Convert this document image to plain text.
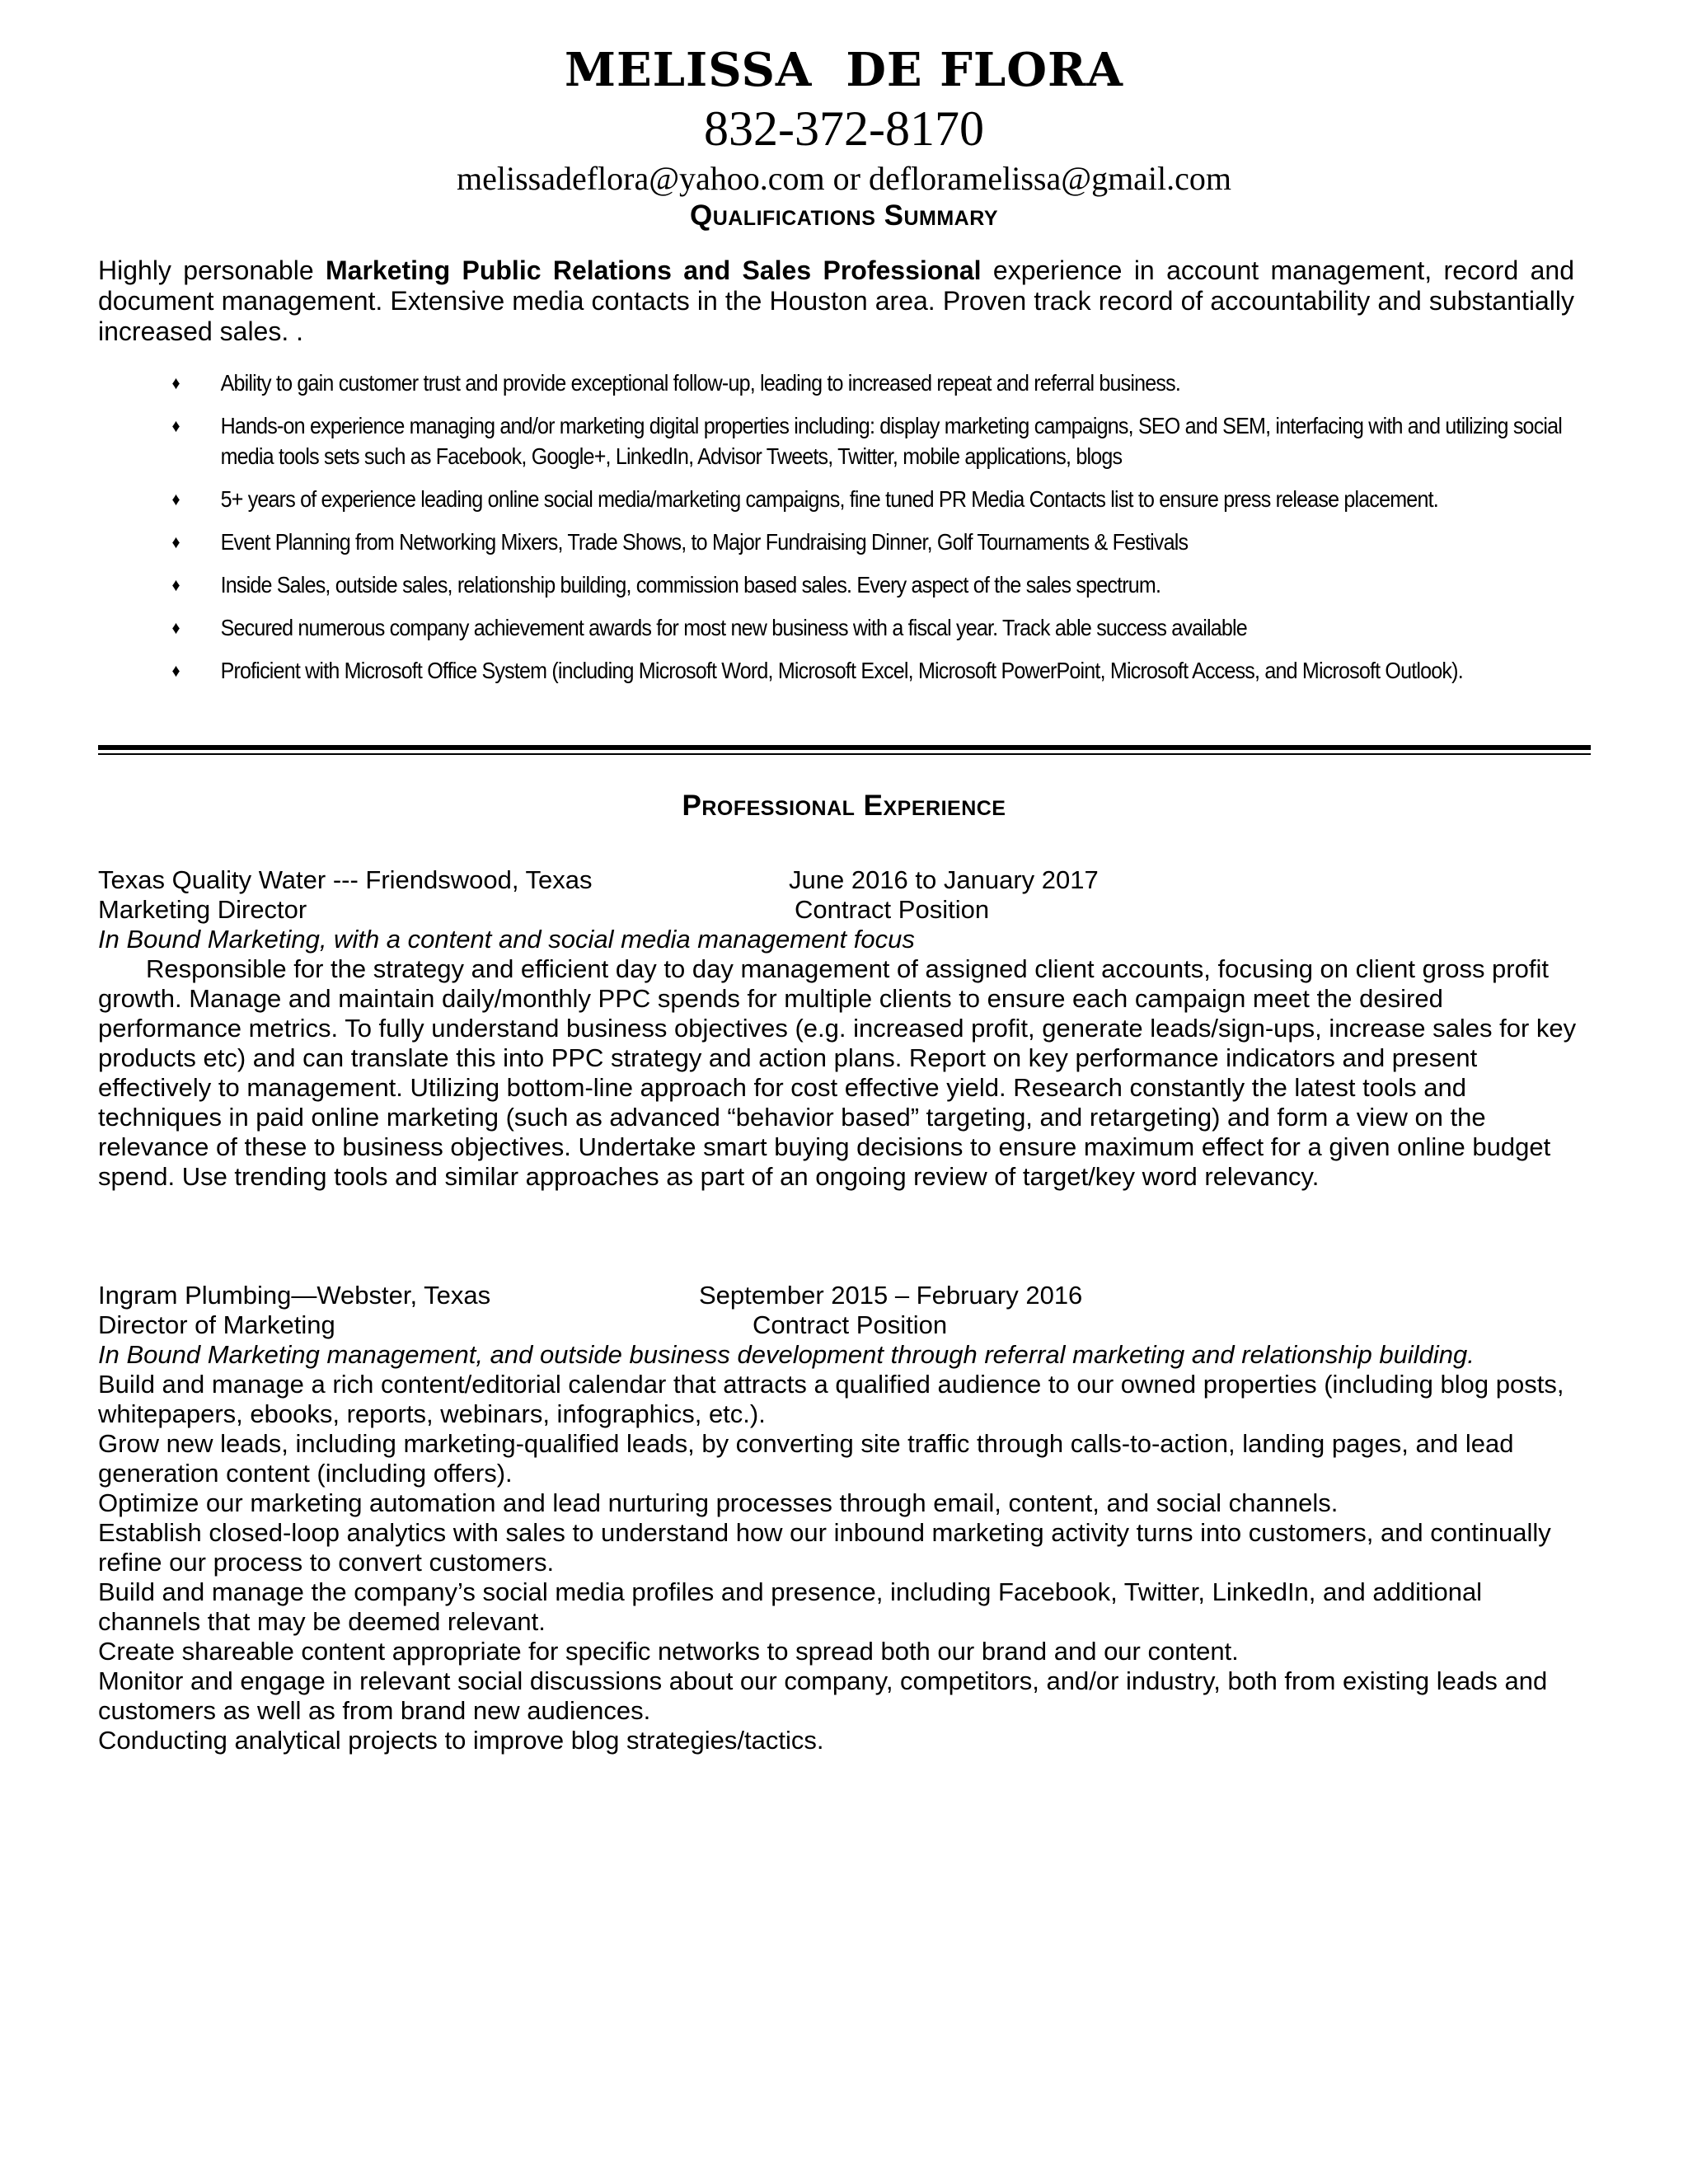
MELISSA  DE FLORA
832-372-8170
melissadeflora@yahoo.com or defloramelissa@gmail.com
Qualifications Summary

Highly personable Marketing Public Relations and Sales Professional experience in account management, record and document management. Extensive media contacts in the Houston area. Proven track record of accountability and substantially increased sales. .

♦ Ability to gain customer trust and provide exceptional follow-up, leading to increased repeat and referral business.
♦ Hands-on experience managing and/or marketing digital properties including: display marketing campaigns, SEO and SEM, interfacing with and utilizing social media tools sets such as Facebook, Google+, LinkedIn, Advisor Tweets, Twitter, mobile applications, blogs
♦ 5+ years of experience leading online social media/marketing campaigns, fine tuned PR Media Contacts list to ensure press release placement.
♦ Event Planning from Networking Mixers, Trade Shows, to Major Fundraising Dinner, Golf Tournaments & Festivals
♦ Inside Sales, outside sales, relationship building, commission based sales. Every aspect of the sales spectrum.
♦ Secured numerous company achievement awards for most new business with a fiscal year. Track able success available
♦ Proficient with Microsoft Office System (including Microsoft Word, Microsoft Excel, Microsoft PowerPoint, Microsoft Access, and Microsoft Outlook).
Professional Experience
Texas Quality Water --- Friendswood, Texas	June 2016 to January 2017
Marketing Director	Contract Position
In Bound Marketing, with a content and social media management focus

Responsible for the strategy and efficient day to day management of assigned client accounts, focusing on client gross profit growth. Manage and maintain daily/monthly PPC spends for multiple clients to ensure each campaign meet the desired performance metrics. To fully understand business objectives (e.g. increased profit, generate leads/sign-ups, increase sales for key products etc) and can translate this into PPC strategy and action plans. Report on key performance indicators and present effectively to management. Utilizing bottom-line approach for cost effective yield. Research constantly the latest tools and techniques in paid online marketing (such as advanced “behavior based” targeting, and retargeting) and form a view on the relevance of these to business objectives. Undertake smart buying decisions to ensure maximum effect for a given online budget spend. Use trending tools and similar approaches as part of an ongoing review of target/key word relevancy.

Ingram Plumbing—Webster, Texas	September 2015 – February 2016
Director of Marketing	Contract Position
In Bound Marketing management, and outside business development through referral marketing and relationship building.

Build and manage a rich content/editorial calendar that attracts a qualified audience to our owned properties (including blog posts, whitepapers, ebooks, reports, webinars, infographics, etc.).

Grow new leads, including marketing-qualified leads, by converting site traffic through calls-to-action, landing pages, and lead generation content (including offers).

Optimize our marketing automation and lead nurturing processes through email, content, and social channels.

Establish closed-loop analytics with sales to understand how our inbound marketing activity turns into customers, and continually refine our process to convert customers.

Build and manage the company’s social media profiles and presence, including Facebook, Twitter, LinkedIn, and additional channels that may be deemed relevant.

Create shareable content appropriate for specific networks to spread both our brand and our content.

Monitor and engage in relevant social discussions about our company, competitors, and/or industry, both from existing leads and customers as well as from brand new audiences.

Conducting analytical projects to improve blog strategies/tactics.
